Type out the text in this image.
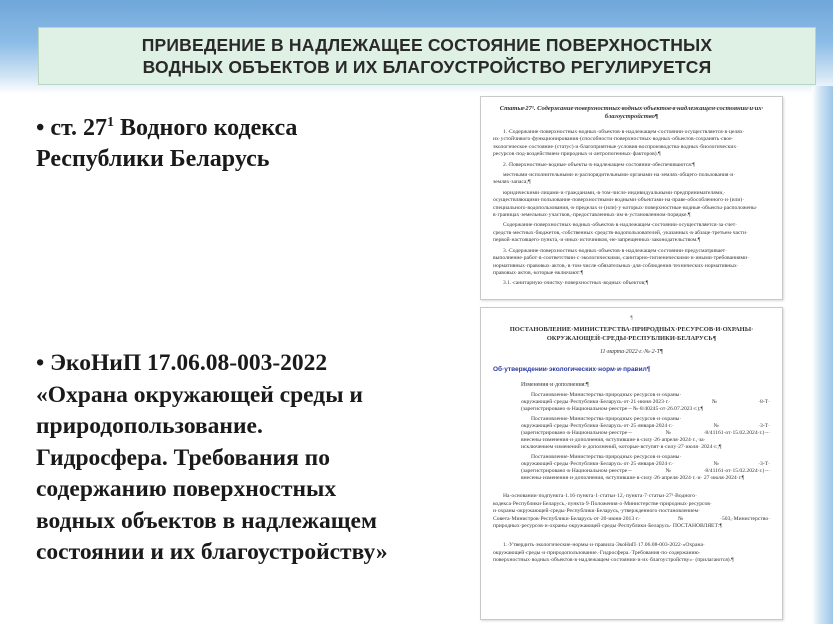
ПРИВЕДЕНИЕ В НАДЛЕЖАЩЕЕ СОСТОЯНИЕ ПОВЕРХНОСТНЫХ
ВОДНЫХ ОБЪЕКТОВ И ИХ БЛАГОУСТРОЙСТВО РЕГУЛИРУЕТСЯ
• ст. $27^1$ Водного кодекса
Республики Беларусь
• ЭкоНиП 17.06.08-003-2022
«Охрана окружающей среды и
природопользование.
Гидросфера. Требования по
содержанию поверхностных
водных объектов в надлежащем
состоянии и их благоустройству»
Статья·27¹. Содержание·поверхностных·водных·объектов·в·надлежащем·состоянии·и·их· благоустройство¶
1.·Содержание·поверхностных·водных·объектов·в·надлежащем·состоянии·осуществляется·в·целях· их·устойчивого·функционирования·(способности·поверхностных·водных·объектов·сохранять·свое· экологическое·состояние·(статус)·и·благоприятные·условия·воспроизводства·водных·биологических· ресурсов·под·воздействием·природных·и·антропогенных·факторов).¶
2.·Поверхностные·водные·объекты·в·надлежащем·состоянии·обеспечиваются:¶
местными·исполнительными·и·распорядительными·органами·на·землях·общего·пользования·и· землях·запаса;¶
юридическими·лицами·и·гражданами,·в·том·числе·индивидуальными·предпринимателями,· осуществляющими·пользование·поверхностными·водными·объектами·на·праве·обособленного·и·(или)· специального·водопользования,·в·пределах·и·(или)·у·которых·поверхностные·водные·объекты·расположены· в·границах·земельных·участков,·предоставленных·им·в·установленном·порядке.¶
Содержание·поверхностных·водных·объектов·в·надлежащем·состоянии·осуществляется·за·счет· средств·местных·бюджетов,·собственных·средств·водопользователей,·указанных·в·абзаце·третьем·части· первой·настоящего·пункта,·и·иных·источников,·не·запрещенных·законодательством.¶
3.·Содержание·поверхностных·водных·объектов·в·надлежащем·состоянии·предусматривает· выполнение·работ·в·соответствии·с·экологическими,·санитарно-гигиеническими·и·иными·требованиями· нормативных·правовых·актов,·в·том·числе·обязательных·для·соблюдения·технических·нормативных· правовых·актов,·которые·включают:¶
3.1.·санитарную·очистку·поверхностных·водных·объектов;¶
¶
ПОСТАНОВЛЕНИЕ·МИНИСТЕРСТВА·ПРИРОДНЫХ·РЕСУРСОВ·И·ОХРАНЫ·
ОКРУЖАЮЩЕЙ·СРЕДЫ·РЕСПУБЛИКИ·БЕЛАРУСЬ¶
11·марта·2022·г.·№·2-Т¶
Об·утверждении·экологических·норм·и·правил¶
Изменения·и·дополнения:¶
Постановление·Министерства·природных·ресурсов·и·охраны· окружающей·среды·Республики·Беларусь·от·21·июня·2023·г.·№·8-Т· (зарегистрировано·в·Национальном·реестре·-·№·8/40245·от·26.07.2023·г.);¶
Постановление·Министерства·природных·ресурсов·и·охраны· окружающей·среды·Республики·Беларусь·от·25·января·2024·г.·№·3-Т· (зарегистрировано·в·Национальном·реестре·-·№·8/41161·от·15.02.2024·г.)·-· внесены·изменения·и·дополнения,·вступившие·в·силу·26·апреля·2024·г.,·за· исключением·изменений·и·дополнений,·которые·вступят·в·силу·27·июля· 2024·г.;¶
Постановление·Министерства·природных·ресурсов·и·охраны· окружающей·среды·Республики·Беларусь·от·25·января·2024·г.·№·3-Т· (зарегистрировано·в·Национальном·реестре·-·№·8/41161·от·15.02.2024·г.)·-· внесены·изменения·и·дополнения,·вступившие·в·силу·26·апреля·2024·г.·и· 27·июля·2024·г.¶
На·основании·подпункта·1.16·пункта·1·статьи·12,·пункта·7·статьи·27¹·Водного· кодекса·Республики·Беларусь,·пункта·9·Положения·о·Министерстве·природных·ресурсов· и·охраны·окружающей·среды·Республики·Беларусь,·утвержденного·постановлением· Совета·Министров·Республики·Беларусь·от·20·июня·2013·г.·№·503,·Министерство· природных·ресурсов·и·охраны·окружающей·среды·Республики·Беларусь· ПОСТАНОВЛЯЕТ:¶
1.·Утвердить·экологические·нормы·и·правила·ЭкоНиП·17.06.08-003-2022·«Охрана· окружающей·среды·и·природопользование.·Гидросфера.·Требования·по·содержанию· поверхностных·водных·объектов·в·надлежащем·состоянии·и·их·благоустройству»· (прилагаются).¶
